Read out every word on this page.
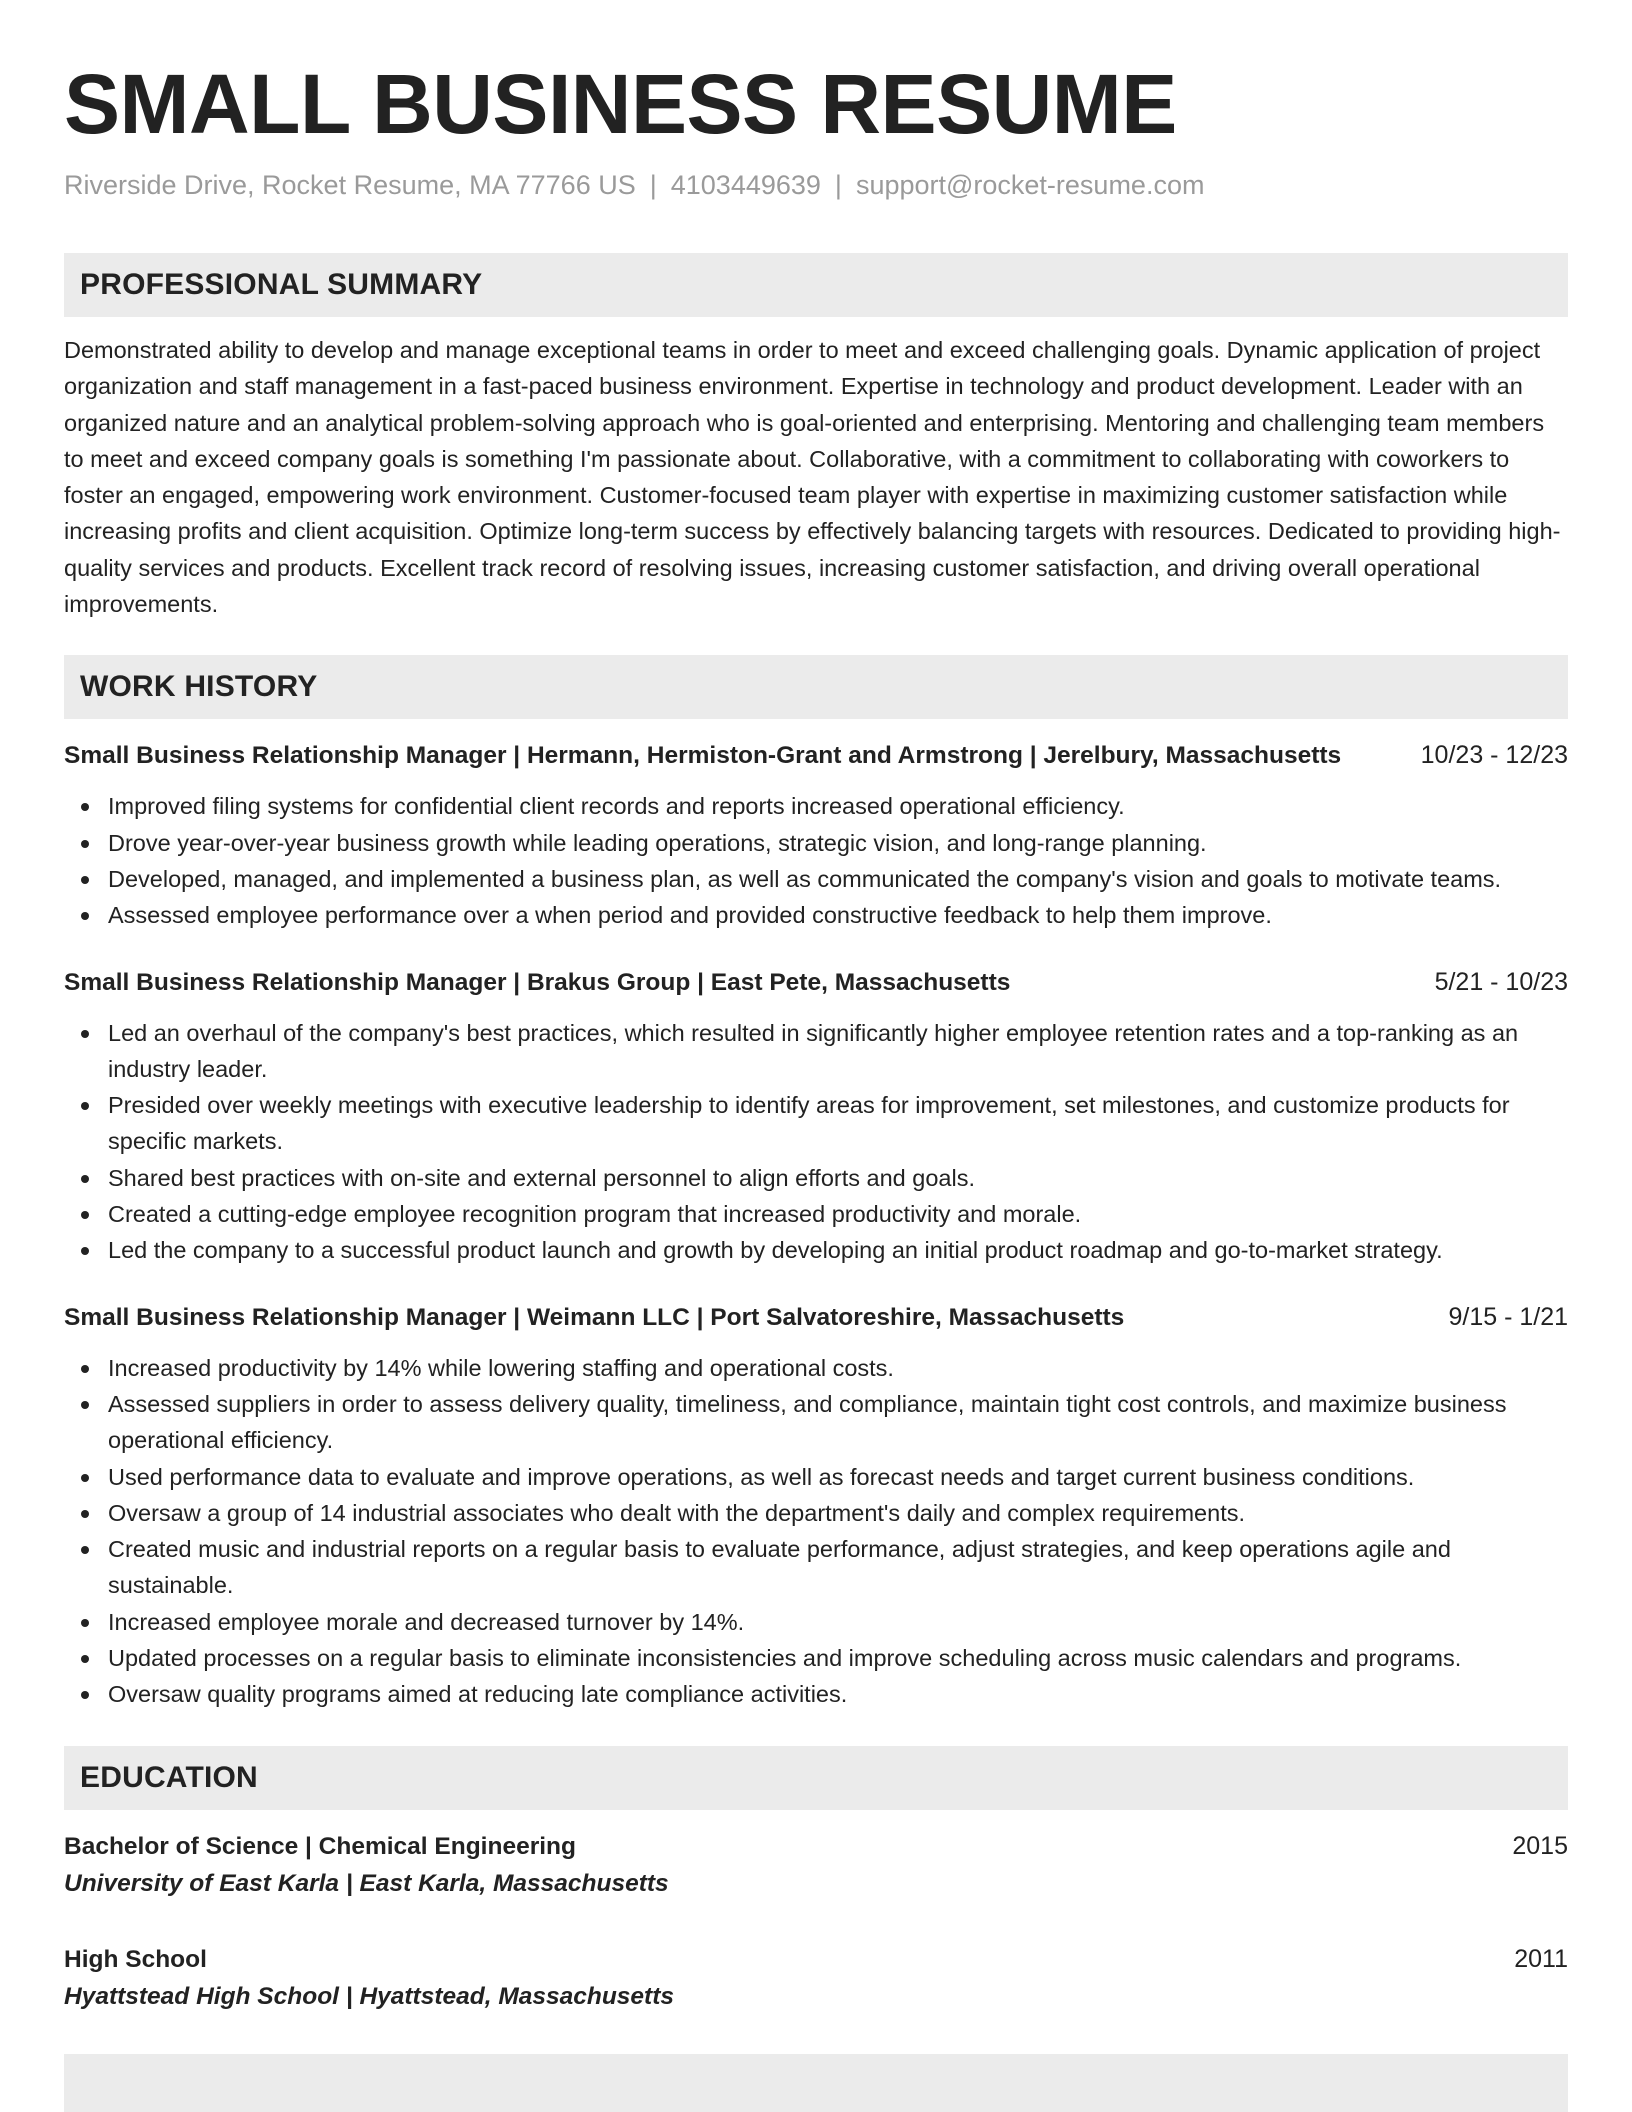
SMALL BUSINESS RESUME
Riverside Drive, Rocket Resume, MA 77766 US | 4103449639 | support@rocket-resume.com
PROFESSIONAL SUMMARY

Demonstrated ability to develop and manage exceptional teams in order to meet and exceed challenging goals. Dynamic application of project organization and staff management in a fast-paced business environment. Expertise in technology and product development. Leader with an organized nature and an analytical problem-solving approach who is goal-oriented and enterprising. Mentoring and challenging team members to meet and exceed company goals is something I'm passionate about. Collaborative, with a commitment to collaborating with coworkers to foster an engaged, empowering work environment. Customer-focused team player with expertise in maximizing customer satisfaction while increasing profits and client acquisition. Optimize long-term success by effectively balancing targets with resources. Dedicated to providing high-quality services and products. Excellent track record of resolving issues, increasing customer satisfaction, and driving overall operational improvements.

WORK HISTORY
Small Business Relationship Manager | Hermann, Hermiston-Grant and Armstrong | Jerelbury, Massachusetts	10/23 - 12/23
Improved filing systems for confidential client records and reports increased operational efficiency.
Drove year-over-year business growth while leading operations, strategic vision, and long-range planning.
Developed, managed, and implemented a business plan, as well as communicated the company's vision and goals to motivate teams.
Assessed employee performance over a when period and provided constructive feedback to help them improve.
Small Business Relationship Manager | Brakus Group | East Pete, Massachusetts	5/21 - 10/23
Led an overhaul of the company's best practices, which resulted in significantly higher employee retention rates and a top-ranking as an industry leader.
Presided over weekly meetings with executive leadership to identify areas for improvement, set milestones, and customize products for specific markets.
Shared best practices with on-site and external personnel to align efforts and goals.
Created a cutting-edge employee recognition program that increased productivity and morale.
Led the company to a successful product launch and growth by developing an initial product roadmap and go-to-market strategy.
Small Business Relationship Manager | Weimann LLC | Port Salvatoreshire, Massachusetts	9/15 - 1/21
Increased productivity by 14% while lowering staffing and operational costs.
Assessed suppliers in order to assess delivery quality, timeliness, and compliance, maintain tight cost controls, and maximize business operational efficiency.
Used performance data to evaluate and improve operations, as well as forecast needs and target current business conditions.
Oversaw a group of 14 industrial associates who dealt with the department's daily and complex requirements.
Created music and industrial reports on a regular basis to evaluate performance, adjust strategies, and keep operations agile and sustainable.
Increased employee morale and decreased turnover by 14%.
Updated processes on a regular basis to eliminate inconsistencies and improve scheduling across music calendars and programs.
Oversaw quality programs aimed at reducing late compliance activities.
EDUCATION
Bachelor of Science | Chemical Engineering	2015
University of East Karla | East Karla, Massachusetts
High School	2011
Hyattstead High School | Hyattstead, Massachusetts
